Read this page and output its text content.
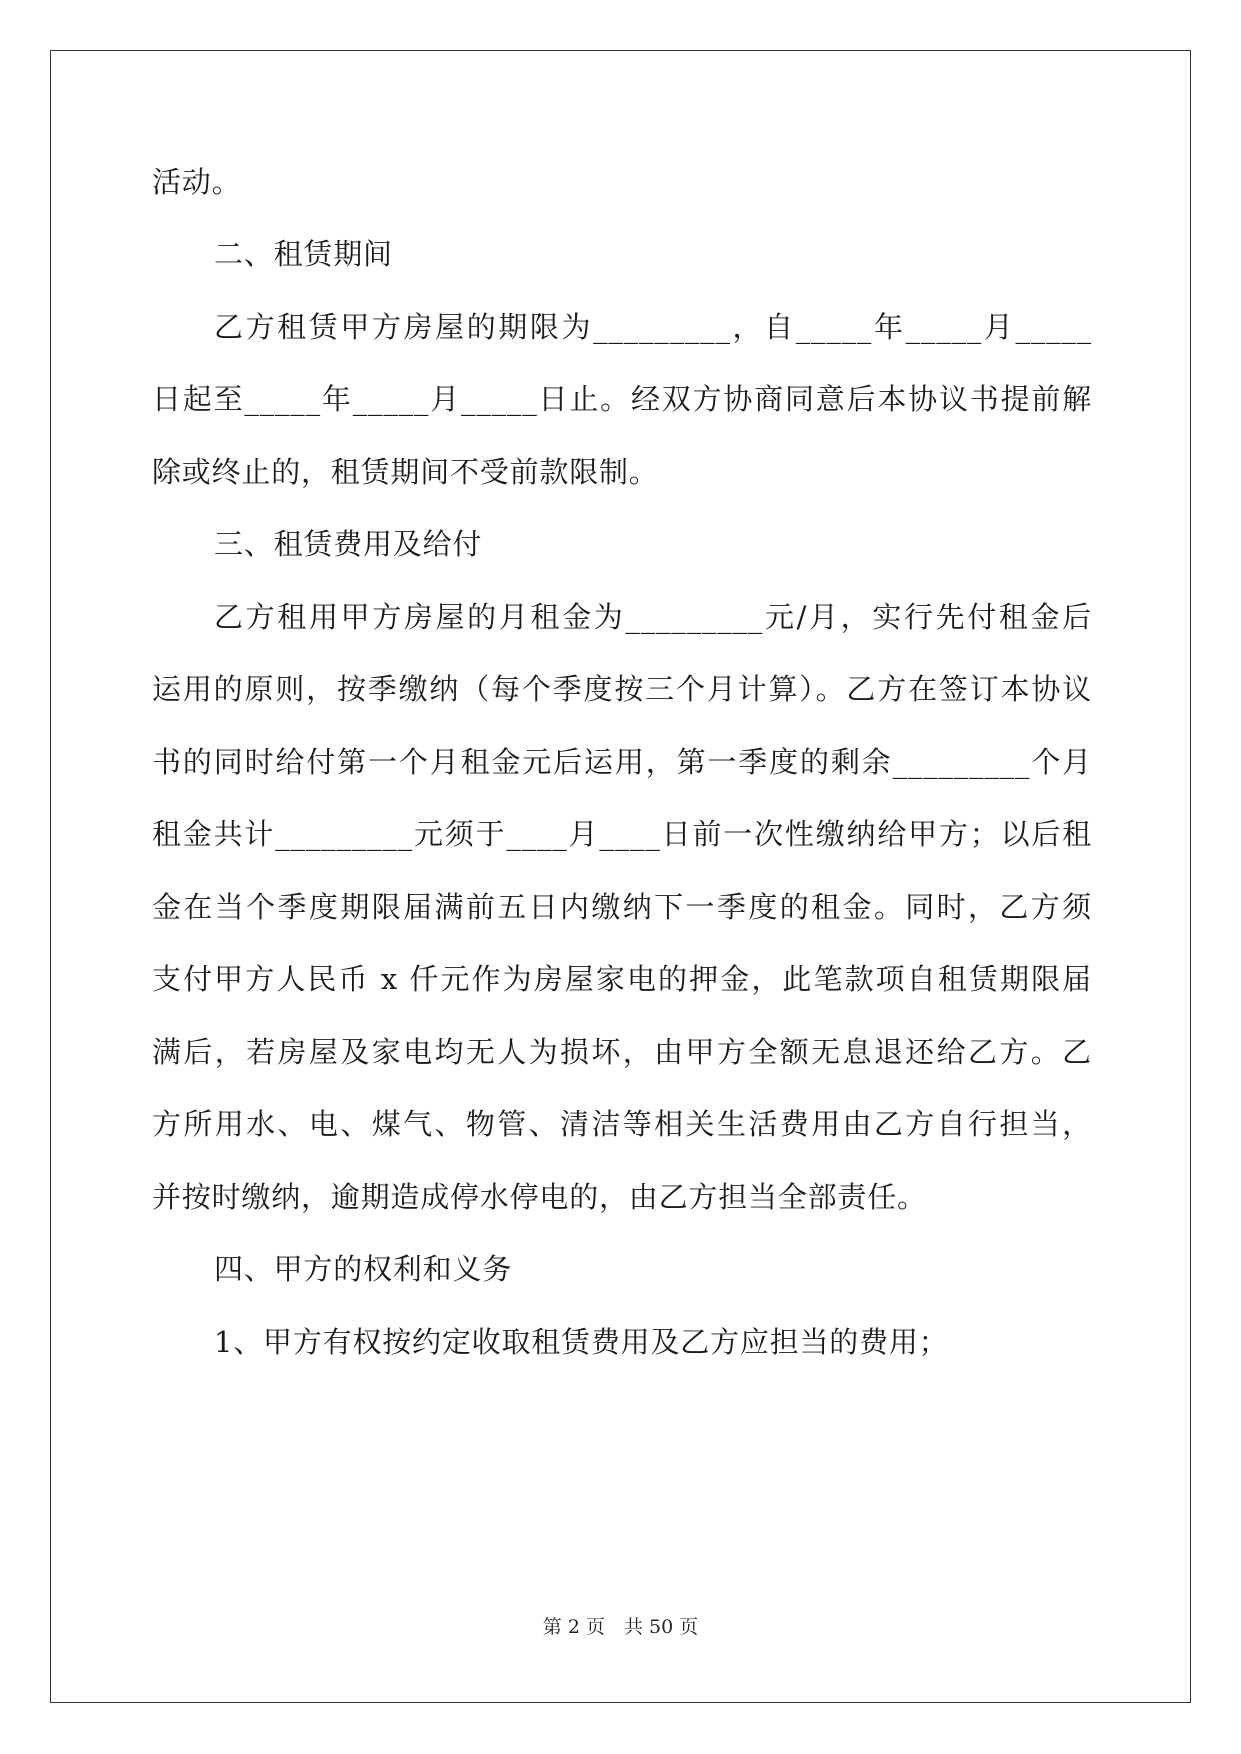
活动。
二、租赁期间
乙方租赁甲方房屋的期限为_________，自_____年_____月_____
日起至_____年_____月_____日止。经双方协商同意后本协议书提前解
除或终止的，租赁期间不受前款限制。
三、租赁费用及给付
乙方租用甲方房屋的月租金为_________元/月，实行先付租金后
运用的原则，按季缴纳（每个季度按三个月计算）。乙方在签订本协议
书的同时给付第一个月租金元后运用，第一季度的剩余_________个月
租金共计_________元须于____月____日前一次性缴纳给甲方；以后租
金在当个季度期限届满前五日内缴纳下一季度的租金。同时，乙方须
支付甲方人民币 x 仟元作为房屋家电的押金，此笔款项自租赁期限届
满后，若房屋及家电均无人为损坏，由甲方全额无息退还给乙方。乙
方所用水、电、煤气、物管、清洁等相关生活费用由乙方自行担当，
并按时缴纳，逾期造成停水停电的，由乙方担当全部责任。
四、甲方的权利和义务
1、甲方有权按约定收取租赁费用及乙方应担当的费用；
第 2 页　共 50 页
